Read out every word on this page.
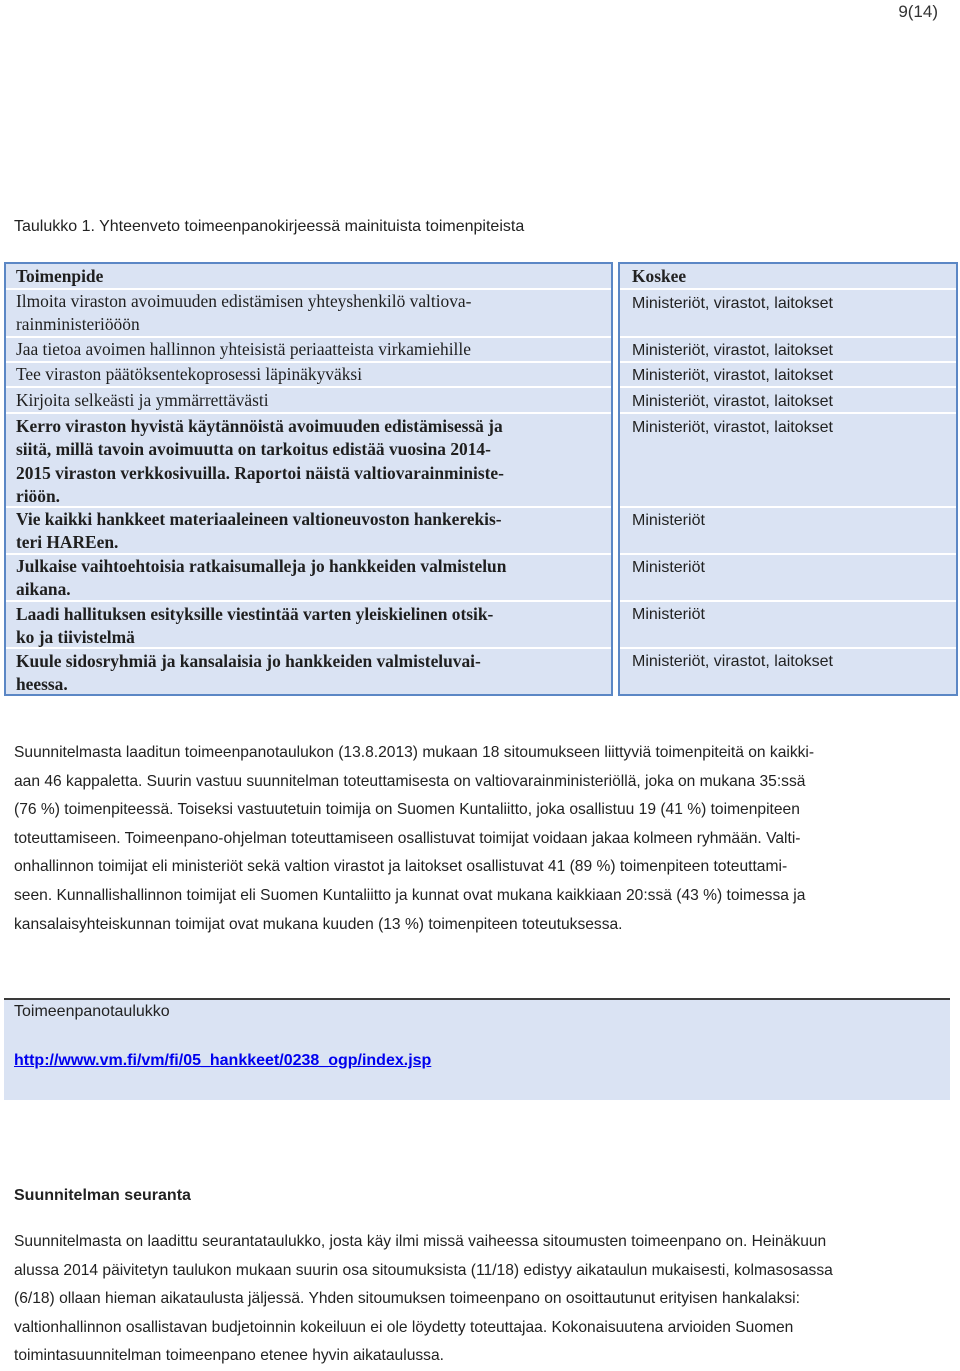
9(14)
Taulukko 1. Yhteenveto toimeenpanokirjeessä mainituista toimenpiteista
Toimenpide
Ilmoita viraston avoimuuden edistämisen yhteyshenkilö valtiova-
rainministeriööön
Jaa tietoa avoimen hallinnon yhteisistä periaatteista virkamiehille
Tee viraston päätöksentekoprosessi läpinäkyväksi
Kirjoita selkeästi ja ymmärrettävästi
Kerro viraston hyvistä käytännöistä avoimuuden edistämisessä ja
siitä, millä tavoin avoimuutta on tarkoitus edistää vuosina 2014-
2015 viraston verkkosivuilla. Raportoi näistä valtiovarainministe-
riöön.
Vie kaikki hankkeet materiaaleineen valtioneuvoston hankerekis-
teri HAREen.
Julkaise vaihtoehtoisia ratkaisumalleja jo hankkeiden valmistelun
aikana.
Laadi hallituksen esityksille viestintää varten yleiskielinen otsik-
ko ja tiivistelmä
Kuule sidosryhmiä ja kansalaisia jo hankkeiden valmisteluvai-
heessa.
Koskee
Ministeriöt, virastot, laitokset
Ministeriöt, virastot, laitokset
Ministeriöt, virastot, laitokset
Ministeriöt, virastot, laitokset
Ministeriöt, virastot, laitokset
Ministeriöt
Ministeriöt
Ministeriöt
Ministeriöt, virastot, laitokset
Suunnitelmasta laaditun toimeenpanotaulukon (13.8.2013) mukaan 18 sitoumukseen liittyviä toimenpiteitä on kaikki-
aan 46 kappaletta. Suurin vastuu suunnitelman toteuttamisesta on valtiovarainministeriöllä, joka on mukana 35:ssä
(76 %) toimenpiteessä. Toiseksi vastuutetuin toimija on Suomen Kuntaliitto, joka osallistuu 19 (41 %) toimenpiteen
toteuttamiseen. Toimeenpano-ohjelman toteuttamiseen osallistuvat toimijat voidaan jakaa kolmeen ryhmään. Valti-
onhallinnon toimijat eli ministeriöt sekä valtion virastot ja laitokset osallistuvat 41 (89 %) toimenpiteen toteuttami-
seen. Kunnallishallinnon toimijat eli Suomen Kuntaliitto ja kunnat ovat mukana kaikkiaan 20:ssä (43 %) toimessa ja
kansalaisyhteiskunnan toimijat ovat mukana kuuden (13 %) toimenpiteen toteutuksessa.
Toimeenpanotaulukko
http://www.vm.fi/vm/fi/05_hankkeet/0238_ogp/index.jsp
Suunnitelman seuranta
Suunnitelmasta on laadittu seurantataulukko, josta käy ilmi missä vaiheessa sitoumusten toimeenpano on. Heinäkuun
alussa 2014 päivitetyn taulukon mukaan suurin osa sitoumuksista (11/18) edistyy aikataulun mukaisesti, kolmasosassa
(6/18) ollaan hieman aikataulusta jäljessä. Yhden sitoumuksen toimeenpano on osoittautunut erityisen hankalaksi:
valtionhallinnon osallistavan budjetoinnin kokeiluun ei ole löydetty toteuttajaa. Kokonaisuutena arvioiden Suomen
toimintasuunnitelman toimeenpano etenee hyvin aikataulussa.
